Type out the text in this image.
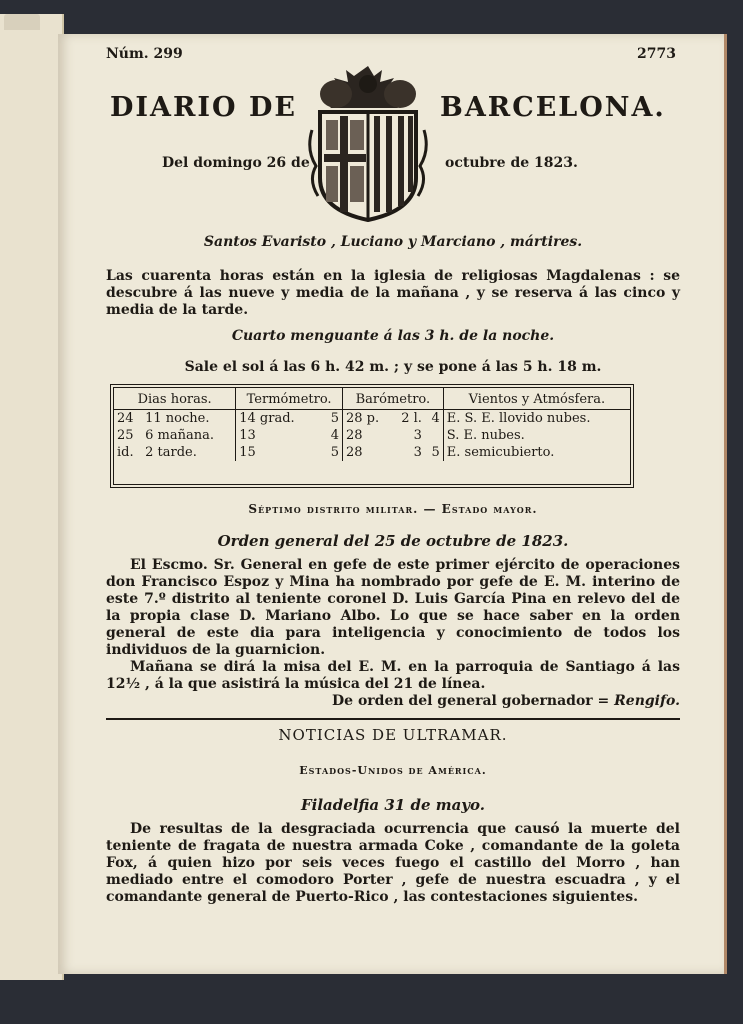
Núm. 299	2773
DIARIO DE	BARCELONA.
Del domingo 26 de	octubre de 1823.
Santos Evaristo , Luciano y Marciano , mártires.
Las cuarenta horas están en la iglesia de religiosas Magdalenas : se descubre á las nueve y media de la mañana , y se reserva á las cinco y media de la tarde.
Cuarto menguante á las 3 h. de la noche.
Sale el sol á las 6 h. 42 m. ; y se pone á las 5 h. 18 m.
Dias horas.		Termómetro.		Barómetro.			Vientos y Atmósfera.
24	11 noche.	14 grad.	5	28 p.	2 l.	4	E. S. E. llovido nubes.
25	6 mañana.	13	4	28	3		S. E. nubes.
id.	2 tarde.	15	5	28	3	5	E. semicubierto.
Séptimo distrito militar. — Estado mayor.
Orden general del 25 de octubre de 1823.
El Escmo. Sr. General en gefe de este primer ejército de operaciones don Francisco Espoz y Mina ha nombrado por gefe de E. M. interino de este 7.º distrito al teniente coronel D. Luis García Pina en relevo del de la propia clase D. Mariano Albo. Lo que se hace saber en la orden general de este dia para inteligencia y conocimiento de todos los individuos de la guarnicion.
Mañana se dirá la misa del E. M. en la parroquia de Santiago á las 12½ , á la que asistirá la música del 21 de línea.
De orden del general gobernador = Rengifo.
NOTICIAS DE ULTRAMAR.
Estados-Unidos de América.
Filadelfia 31 de mayo.
De resultas de la desgraciada ocurrencia que causó la muerte del teniente de fragata de nuestra armada Coke , comandante de la goleta Fox, á quien hizo por seis veces fuego el castillo del Morro , han mediado entre el comodoro Porter , gefe de nuestra escuadra , y el comandante general de Puerto-Rico , las contestaciones siguientes.
